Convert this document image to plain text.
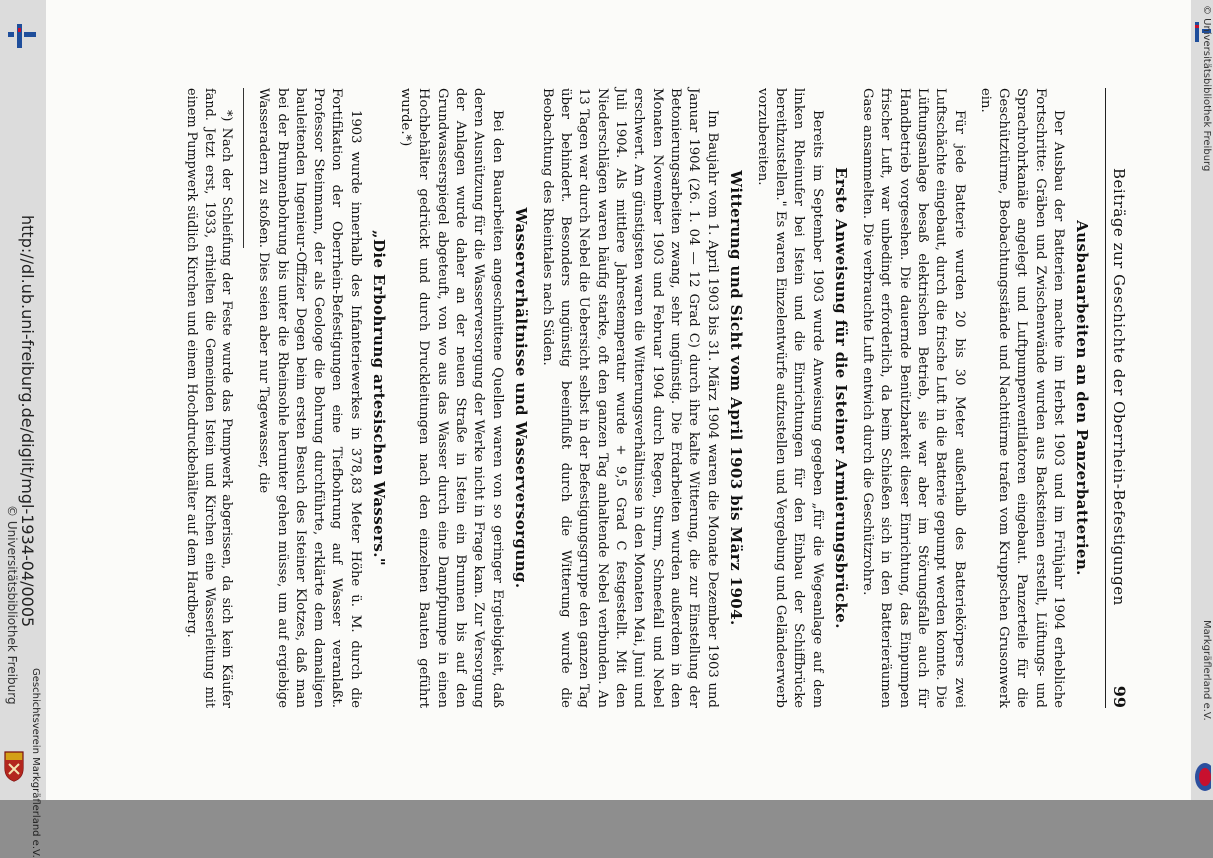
http://dl.ub.uni-freiburg.de/diglit/mgl-1934-04/0005
© Universitätsbibliothek Freiburg
Geschichtsverein Markgräflerland e.V.
© Universitätsbibliothek Freiburg
Markgräflerland e.V.
Beiträge zur Geschichte der Oberrhein-Befestigungen
99
Ausbauarbeiten an den Panzerbatterien.

Der Ausbau der Batterien machte im Herbst 1903 und im Frühjahr 1904 erhebliche Fortschritte: Gräben und Zwischenwände wurden aus Backsteinen erstellt, Lüftungs- und Sprachrohrkanäle angelegt und Luftpumpenventilatoren eingebaut. Panzerteile für die Geschütztürme, Beobachtungsstände und Nachttürme trafen vom Kruppschen Grusonwerk ein.

Für jede Batterie wurden 20 bis 30 Meter außerhalb des Batteriekörpers zwei Luftschächte eingebaut, durch die frische Luft in die Batterie gepumpt werden konnte. Die Lüftungsanlage besaß elektrischen Betrieb, sie war aber im Störungsfalle auch für Handbetrieb vorgesehen. Die dauernde Benützbarkeit dieser Einrichtung, das Einpumpen frischer Luft, war unbedingt erforderlich, da beim Schießen sich in den Batterieräumen Gase ansammelten. Die verbrauchte Luft entwich durch die Geschützrohre.

Erste Anweisung für die Isteiner Armierungsbrücke.

Bereits im September 1903 wurde Anweisung gegeben „für die Wegeanlage auf dem linken Rheinufer bei Istein und die Einrichtungen für den Einbau der Schiffbrücke bereithzustellen." Es waren Einzelentwürfe aufzustellen und Vergebung und Geländeerwerb vorzubereiten.

Witterung und Sicht vom April 1903 bis März 1904.

Im Baujahr vom 1. April 1903 bis 31. März 1904 waren die Monate Dezember 1903 und Januar 1904 (26. 1. 04 — 12 Grad C) durch ihre kalte Witterung, die zur Einstellung der Betonierungsarbeiten zwang, sehr ungünstig. Die Erdarbeiten wurden außerdem in den Monaten November 1903 und Februar 1904 durch Regen, Sturm, Schneefall und Nebel erschwert. Am günstigsten waren die Witterungsverhältnisse in den Monaten Mai, Juni und Juli 1904. Als mittlere Jahrestemperatur wurde + 9,5 Grad C festgestellt. Mit den Niederschlägen waren häufig starke, oft den ganzen Tag anhaltende Nebel verbunden. An 13 Tagen war durch Nebel die Uebersicht selbst in der Befestigungsgruppe den ganzen Tag über behindert. Besonders ungünstig beeinflußt durch die Witterung wurde die Beobachtung des Rheintales nach Süden.

Wasserverhältnisse und Wasserversorgung.

Bei den Bauarbeiten angeschnittene Quellen waren von so geringer Ergiebigkeit, daß deren Ausnützung für die Wasserversorgung der Werke nicht in Frage kam. Zur Versorgung der Anlagen wurde daher an der neuen Straße in Istein ein Brunnen bis auf den Grundwasserspiegel abgeteuft, von wo aus das Wasser durch eine Dampfpumpe in einen Hochbehälter gedrückt und durch Druckleitungen nach den einzelnen Bauten geführt wurde.*)

„Die Erbohrung artesischen Wassers."

1903 wurde innerhalb des Infanteriewerkes in 378,83 Meter Höhe ü. M. durch die Fortifikation der Oberrhein-Befestigungen eine Tiefbohrung auf Wasser veranlaßt. Professor Steinmann, der als Geologe die Bohrung durchführte, erklärte dem damaligen bauleitenden Ingenieur-Offizier Degen beim ersten Besuch des Isteiner Klotzes, daß man bei der Brunnenbohrung bis unter die Rheinsohle herunter gehen müsse, um auf ergiebige Wasseradern zu stoßen. Dies seien aber nur Tagewasser, die

*) Nach der Schleifung der Feste wurde das Pumpwerk abgerissen, da sich kein Käufer fand. Jetzt erst, 1933, erhielten die Gemeinden Istein und Kirchen eine Wasserleitung mit einem Pumpwerk südlich Kirchen und einem Hochdruckbehälter auf dem Hardberg.
